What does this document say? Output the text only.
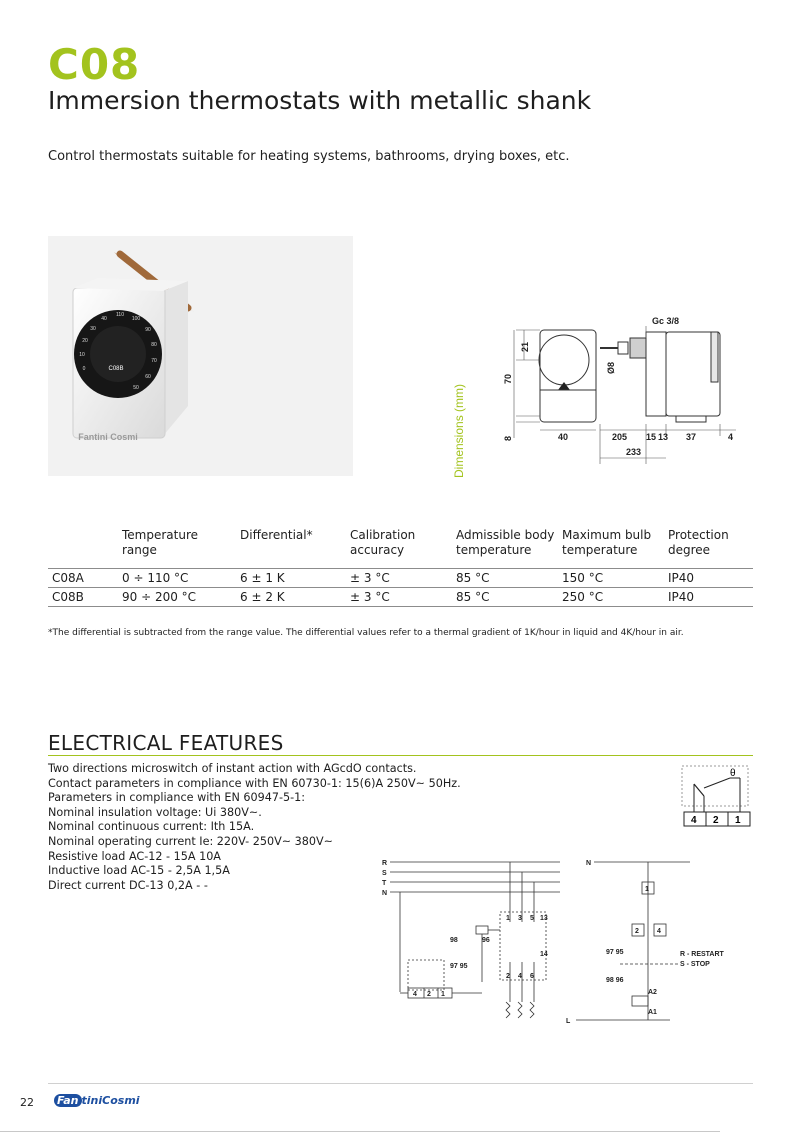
C08
Immersion thermostats with metallic shank
Control thermostats suitable for heating systems, bathrooms, drying boxes, etc.
40
30
20
10
0
110
100
90
80
70
60
50
C08B
Fantini Cosmi	Dimensions (mm)
21
70
8	40
Gc 3/8
Ø8
205 15 13 37	4
233
	Temperature range	Differential*	Calibration accuracy	Admissible body temperature	Maximum bulb temperature	Protection degree
C08A	0 ÷ 110 °C	6 ± 1 K	± 3 °C	85 °C	150 °C	IP40
C08B	90 ÷ 200 °C	6 ± 2 K	± 3 °C	85 °C	250 °C	IP40
*The differential is subtracted from the range value. The differential values refer to a thermal gradient of 1K/hour in liquid and 4K/hour in air.
ELECTRICAL FEATURES
Two directions microswitch of instant action with AGcdO contacts.
Contact parameters in compliance with EN 60730-1: 15(6)A 250V~ 50Hz.
Parameters in compliance with EN 60947-5-1:
Nominal insulation voltage: Ui 380V~.
Nominal continuous current: Ith 15A.
Nominal operating current Ie: 220V- 250V~ 380V~
Resistive load AC-12 - 15A 10A
Inductive load AC-15 - 2,5A 1,5A
Direct current DC-13 0,2A - -
θ
4 2 1
R
S
T
N
1 3 5 13
2 4 6
14
98	96
97 95
4 2 1
N
L
1
2	4
97 95
98 96
R - RESTART
S - STOP
A2
A1
22 Fan tiniCosmi
